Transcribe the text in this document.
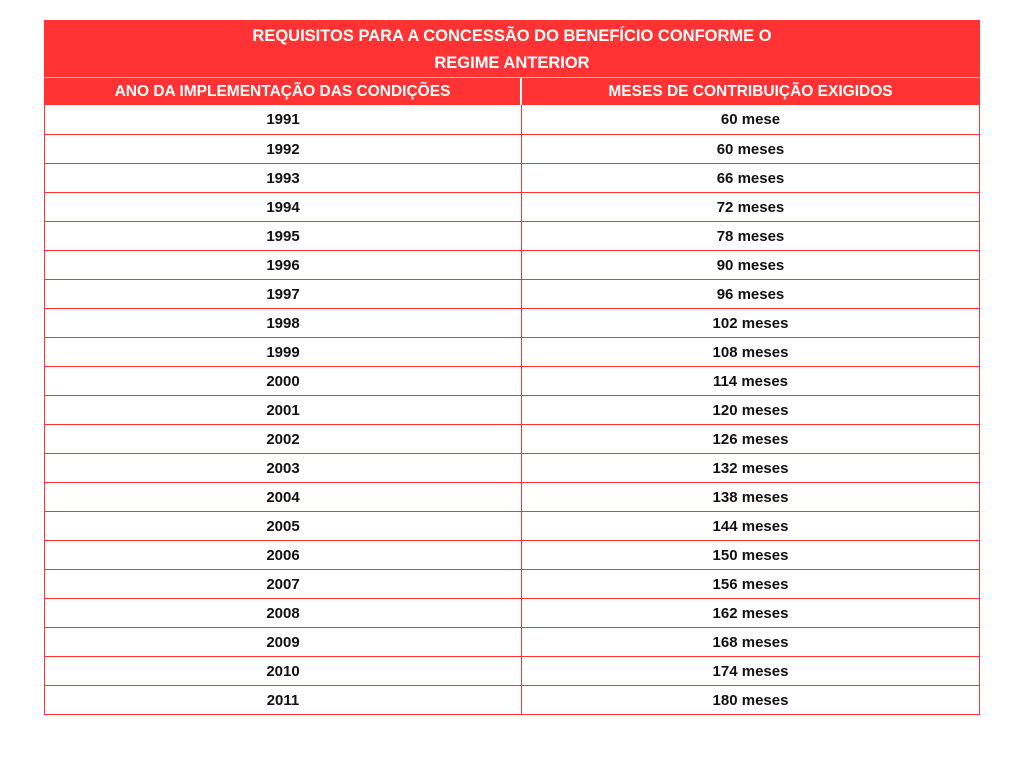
REQUISITOS PARA A CONCESSÃO DO BENEFÍCIO CONFORME O
REGIME ANTERIOR
ANO DA IMPLEMENTAÇÃO DAS CONDIÇÕES	MESES DE CONTRIBUIÇÃO EXIGIDOS
1991	60 mese
1992	60 meses
1993	66 meses
1994	72 meses
1995	78 meses
1996	90 meses
1997	96 meses
1998	102 meses
1999	108 meses
2000	114 meses
2001	120 meses
2002	126 meses
2003	132 meses
2004	138 meses
2005	144 meses
2006	150 meses
2007	156 meses
2008	162 meses
2009	168 meses
2010	174 meses
2011	180 meses
